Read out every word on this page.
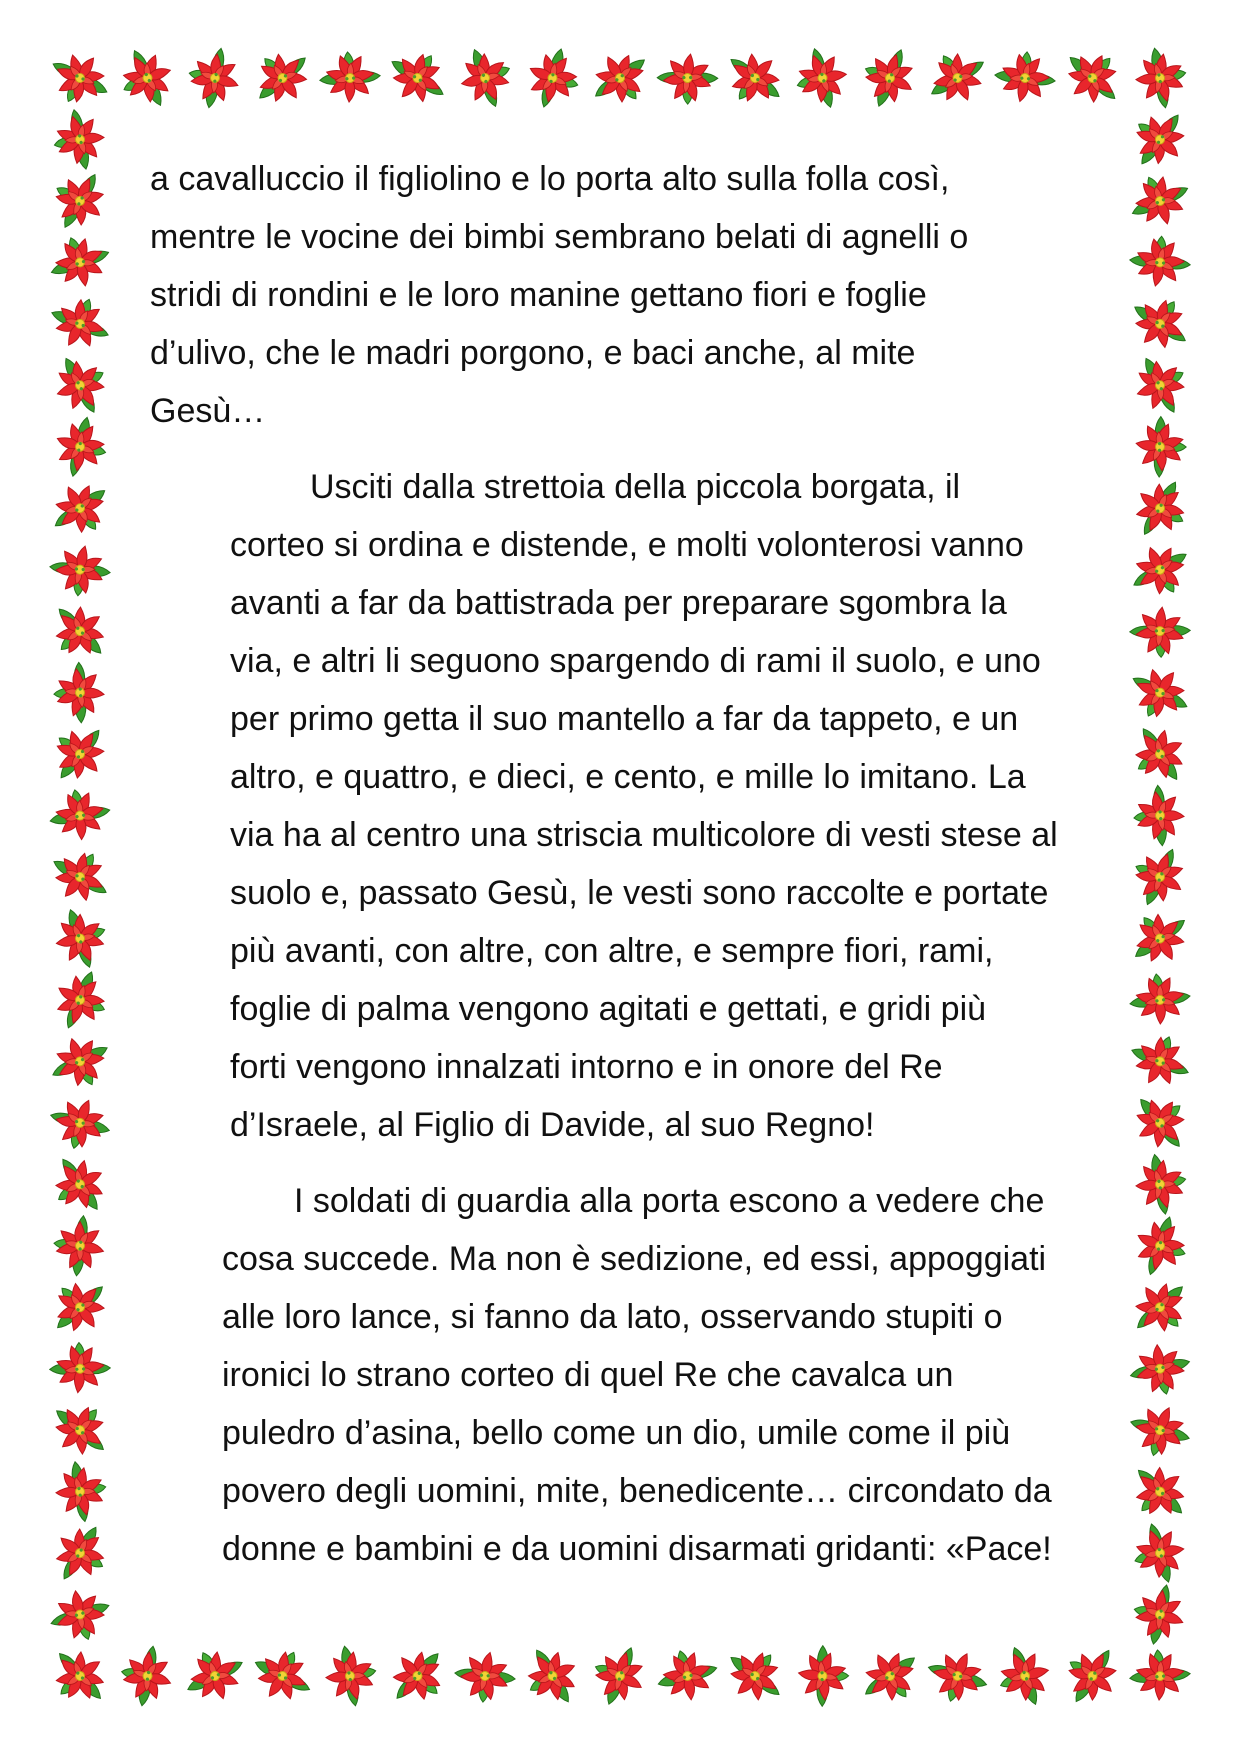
a cavalluccio il figliolino e lo porta alto sulla folla così,
mentre le vocine dei bimbi sembrano belati di agnelli o
stridi di rondini e le loro manine gettano fiori e foglie
d’ulivo, che le madri porgono, e baci anche, al mite
Gesù…

Usciti dalla strettoia della piccola borgata, il
corteo si ordina e distende, e molti volonterosi vanno
avanti a far da battistrada per preparare sgombra la
via, e altri li seguono spargendo di rami il suolo, e uno
per primo getta il suo mantello a far da tappeto, e un
altro, e quattro, e dieci, e cento, e mille lo imitano. La
via ha al centro una striscia multicolore di vesti stese al
suolo e, passato Gesù, le vesti sono raccolte e portate
più avanti, con altre, con altre, e sempre fiori, rami,
foglie di palma vengono agitati e gettati, e gridi più
forti vengono innalzati intorno e in onore del Re
d’Israele, al Figlio di Davide, al suo Regno!

I soldati di guardia alla porta escono a vedere che
cosa succede. Ma non è sedizione, ed essi, appoggiati
alle loro lance, si fanno da lato, osservando stupiti o
ironici lo strano corteo di quel Re che cavalca un
puledro d’asina, bello come un dio, umile come il più
povero degli uomini, mite, benedicente… circondato da
donne e bambini e da uomini disarmati gridanti: «Pace!
